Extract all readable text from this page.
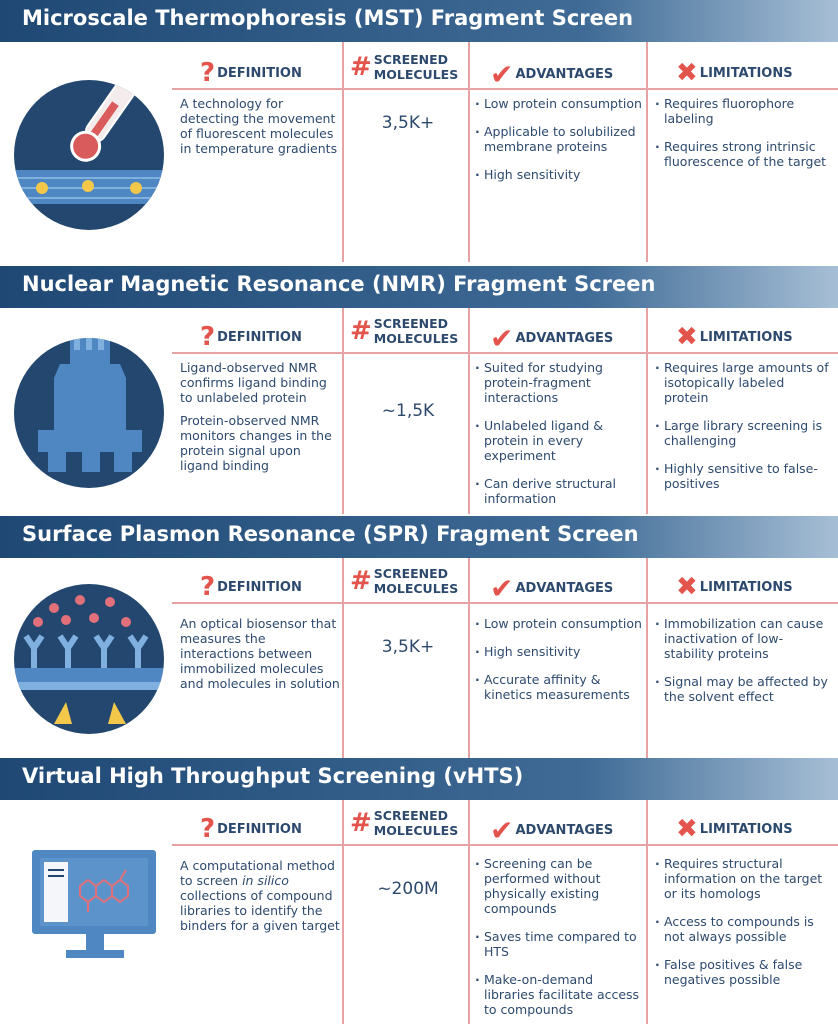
Microscale Thermophoresis (MST) Fragment Screen
? DEFINITION # SCREENED
MOLECULES ✔ ADVANTAGES ✖ LIMITATIONS

A technology for detecting the movement of fluorescent molecules in temperature gradients

3,5K+
· Low protein consumption
· Applicable to solubilized membrane proteins
· High sensitivity
· Requires fluorophore labeling
· Requires strong intrinsic fluorescence of the target
Nuclear Magnetic Resonance (NMR) Fragment Screen
? DEFINITION # SCREENED
MOLECULES ✔ ADVANTAGES ✖ LIMITATIONS

Ligand-observed NMR confirms ligand binding to unlabeled protein

Protein-observed NMR monitors changes in the protein signal upon ligand binding

~1,5K
· Suited for studying protein-fragment interactions
· Unlabeled ligand & protein in every experiment
· Can derive structural information
· Requires large amounts of isotopically labeled protein
· Large library screening is challenging
· Highly sensitive to false-positives
Surface Plasmon Resonance (SPR) Fragment Screen
? DEFINITION # SCREENED
MOLECULES ✔ ADVANTAGES ✖ LIMITATIONS

An optical biosensor that measures the interactions between immobilized molecules and molecules in solution

3,5K+
· Low protein consumption
· High sensitivity
· Accurate affinity & kinetics measurements
· Immobilization can cause inactivation of low-stability proteins
· Signal may be affected by the solvent effect
Virtual High Throughput Screening (vHTS)
? DEFINITION # SCREENED
MOLECULES ✔ ADVANTAGES ✖ LIMITATIONS

A computational method to screen in silico collections of compound libraries to identify the binders for a given target

~200M
· Screening can be performed without physically existing compounds
· Saves time compared to HTS
· Make-on-demand libraries facilitate access to compounds
· Requires structural information on the target or its homologs
· Access to compounds is not always possible
· False positives & false negatives possible
